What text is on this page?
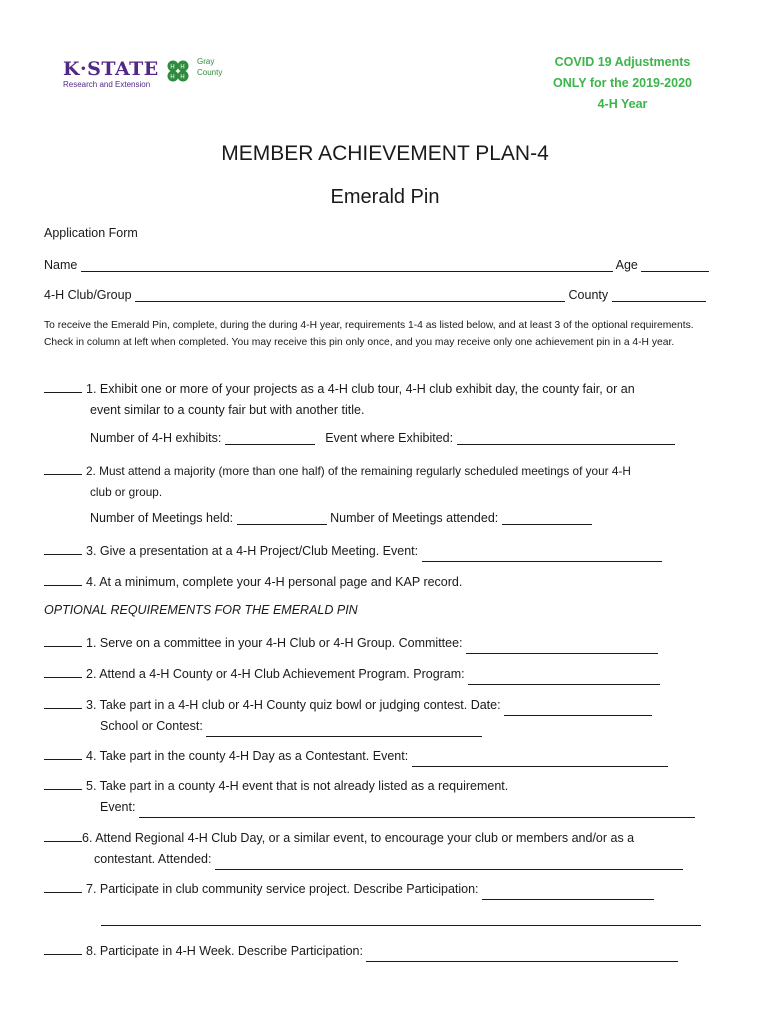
K·STATE
Research and Extension
H H
H H
Gray
County
COVID 19 Adjustments
ONLY for the 2019-2020
4-H Year
MEMBER ACHIEVEMENT PLAN-4
Emerald Pin
Application Form
Name	Age
4-H Club/Group	County
To receive the Emerald Pin, complete, during the during 4-H year, requirements 1-4 as listed below, and at least 3 of the optional requirements. Check in column at left when completed. You may receive this pin only once, and you may receive only one achievement pin in a 4-H year.
1. Exhibit one or more of your projects as a 4-H club tour, 4-H club exhibit day, the county fair, or an
event similar to a county fair but with another title.
Number of 4-H exhibits:	Event where Exhibited:
2. Must attend a majority (more than one half) of the remaining regularly scheduled meetings of your 4-H
club or group.
Number of Meetings held:	Number of Meetings attended:
3. Give a presentation at a 4-H Project/Club Meeting. Event:
4. At a minimum, complete your 4-H personal page and KAP record.
OPTIONAL REQUIREMENTS FOR THE EMERALD PIN
1. Serve on a committee in your 4-H Club or 4-H Group. Committee:
2. Attend a 4-H County or 4-H Club Achievement Program. Program:
3. Take part in a 4-H club or 4-H County quiz bowl or judging contest. Date:
School or Contest:
4. Take part in the county 4-H Day as a Contestant. Event:
5. Take part in a county 4-H event that is not already listed as a requirement.
Event:
6. Attend Regional 4-H Club Day, or a similar event, to encourage your club or members and/or as a
contestant. Attended:
7. Participate in club community service project. Describe Participation:
8. Participate in 4-H Week. Describe Participation:
